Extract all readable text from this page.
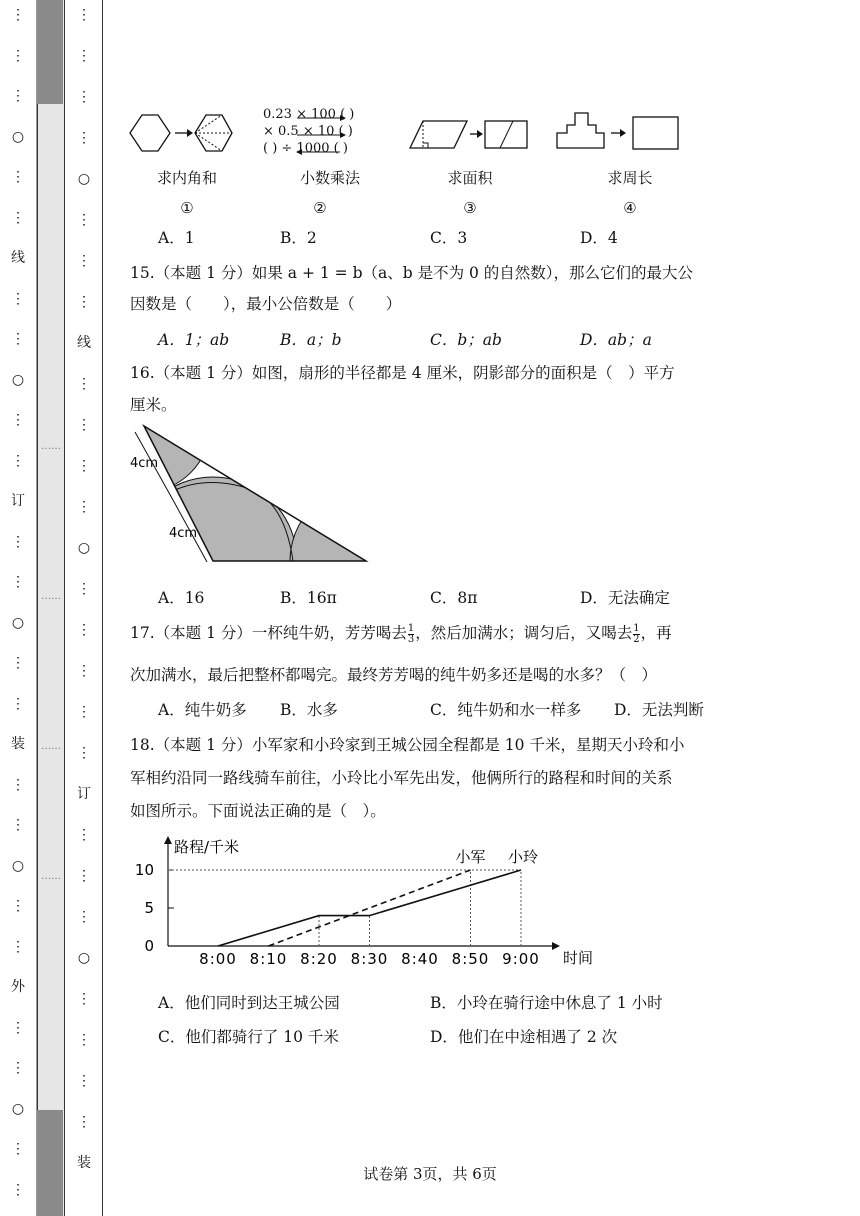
⋮
⋮
⋮
○
⋮
⋮
线
⋮
⋮
○
⋮
⋮
订
⋮
⋮
○
⋮
⋮
装
⋮
⋮
○
⋮
⋮
外
⋮
⋮
○
⋮
⋮
……
……
……
……
⋮
⋮
⋮
⋮
○
⋮
⋮
⋮
线
⋮
⋮
⋮
⋮
○
⋮
⋮
⋮
⋮
⋮
订
⋮
⋮
⋮
○
⋮
⋮
⋮
⋮
装
0.23 × 100 ( )
× 0.5 × 10 ( )
( ) ÷ 1000 ( )
求内角和	小数乘法	求面积	求周长
①	②	③	④
A．1	B．2	C．3	D．4
15.（本题 1 分）如果 a + 1 = b（a、b 是不为 0 的自然数），那么它们的最大公
因数是（　　），最小公倍数是（　　）
A．1；ab	B．a；b	C．b；ab	D．ab；a
16.（本题 1 分）如图，扇形的半径都是 4 厘米，阴影部分的面积是（　）平方
厘米。
4cm
4cm
A．16	B．16π	C．8π	D．无法确定
17.（本题 1 分）一杯纯牛奶，芳芳喝去 $\frac{1}{3}$ ，然后加满水；调匀后，又喝去 $\frac{1}{2}$ ，再
次加满水，最后把整杯都喝完。最终芳芳喝的纯牛奶多还是喝的水多？（　）
A．纯牛奶多 B．水多	C．纯牛奶和水一样多 D．无法判断
18.（本题 1 分）小军家和小玲家到王城公园全程都是 10 千米，星期天小玲和小
军相约沿同一路线骑车前往，小玲比小军先出发，他俩所行的路程和时间的关系
如图所示。下面说法正确的是（　）。
路程/千米
时间
0
5
10
8:00 8:10 8:20 8:30 8:40 8:50 9:00
小玲
小军
A．他们同时到达王城公园	B．小玲在骑行途中休息了 1 小时
C．他们都骑行了 10 千米	D．他们在中途相遇了 2 次
试卷第 3页，共 6页
